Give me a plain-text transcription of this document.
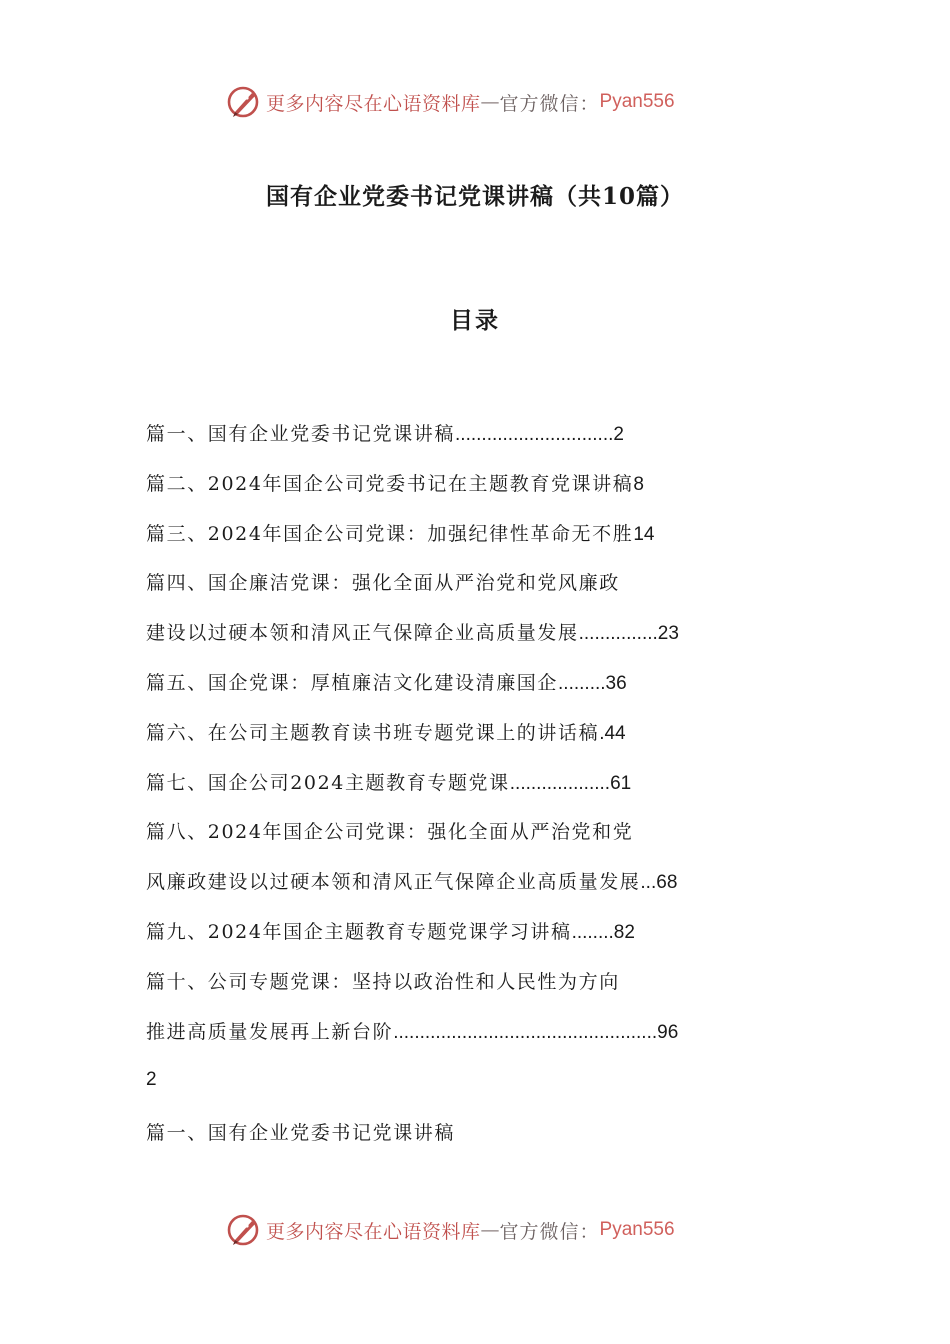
更多内容尽在心语资料库 — 官方微信： Pyan556
国有企业党委书记党课讲稿（共10篇）
目录
篇一、国有企业党委书记党课讲稿..............................2
篇二、2024年国企公司党委书记在主题教育党课讲稿8
篇三、2024年国企公司党课：加强纪律性革命无不胜14
篇四、国企廉洁党课：强化全面从严治党和党风廉政
建设以过硬本领和清风正气保障企业高质量发展...............23
篇五、国企党课：厚植廉洁文化建设清廉国企.........36
篇六、在公司主题教育读书班专题党课上的讲话稿.44
篇七、国企公司2024主题教育专题党课...................61
篇八、2024年国企公司党课：强化全面从严治党和党
风廉政建设以过硬本领和清风正气保障企业高质量发展...68
篇九、2024年国企主题教育专题党课学习讲稿........82
篇十、公司专题党课：坚持以政治性和人民性为方向
推进高质量发展再上新台阶..................................................96
2
篇一、国有企业党委书记党课讲稿
更多内容尽在心语资料库 — 官方微信： Pyan556
